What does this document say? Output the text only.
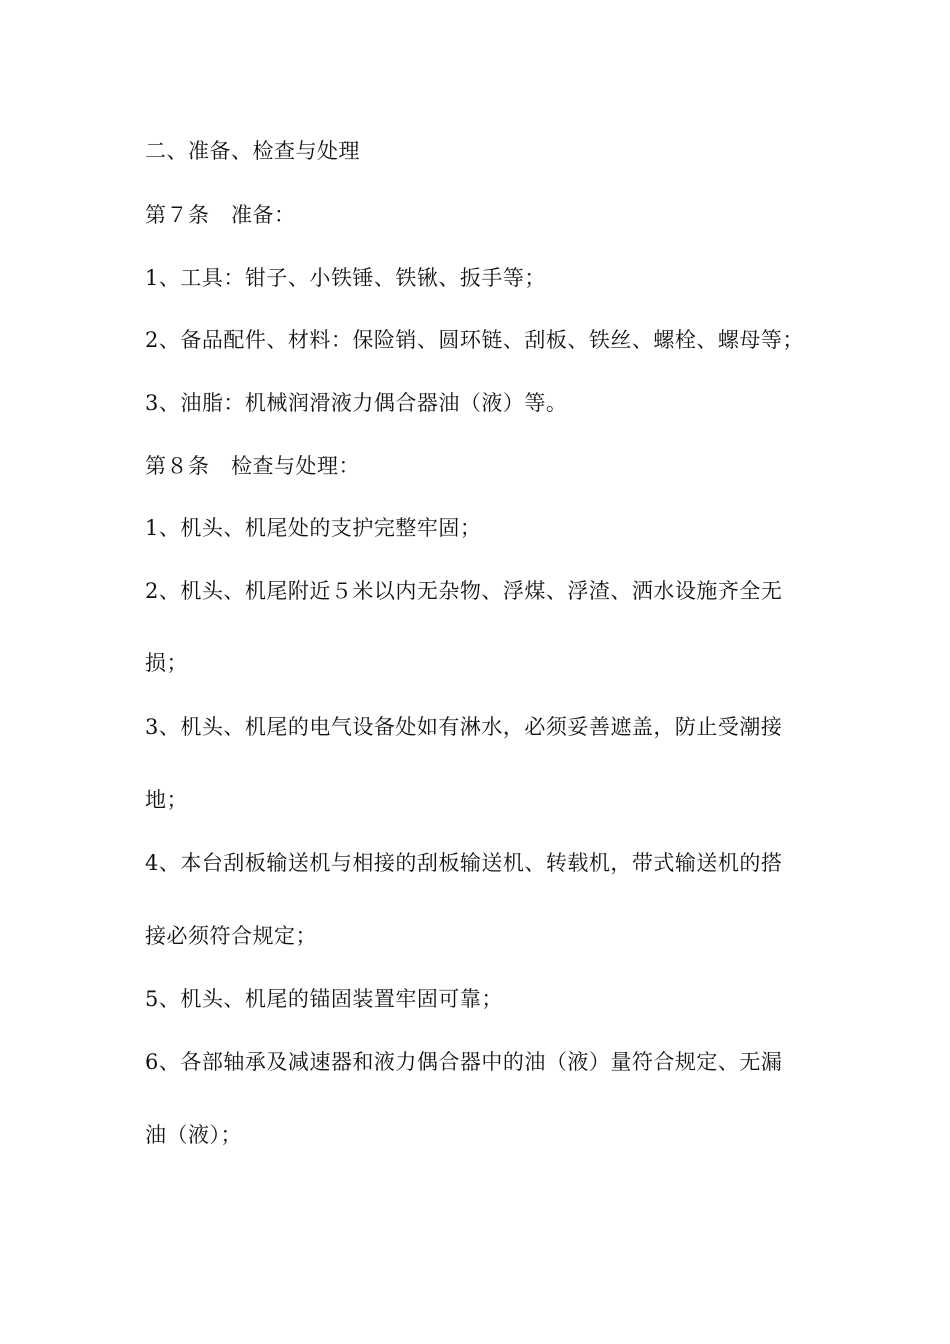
二、准备、检查与处理
第７条　准备：
1、工具：钳子、小铁锤、铁锹、扳手等；
2、备品配件、材料：保险销、圆环链、刮板、铁丝、螺栓、螺母等；
3、油脂：机械润滑液力偶合器油（液）等。
第８条　检查与处理：
1、机头、机尾处的支护完整牢固；
2、机头、机尾附近５米以内无杂物、浮煤、浮渣、洒水设施齐全无
损；
3、机头、机尾的电气设备处如有淋水，必须妥善遮盖，防止受潮接
地；
4、本台刮板输送机与相接的刮板输送机、转载机，带式输送机的搭
接必须符合规定；
5、机头、机尾的锚固装置牢固可靠；
6、各部轴承及减速器和液力偶合器中的油（液）量符合规定、无漏
油（液）；
